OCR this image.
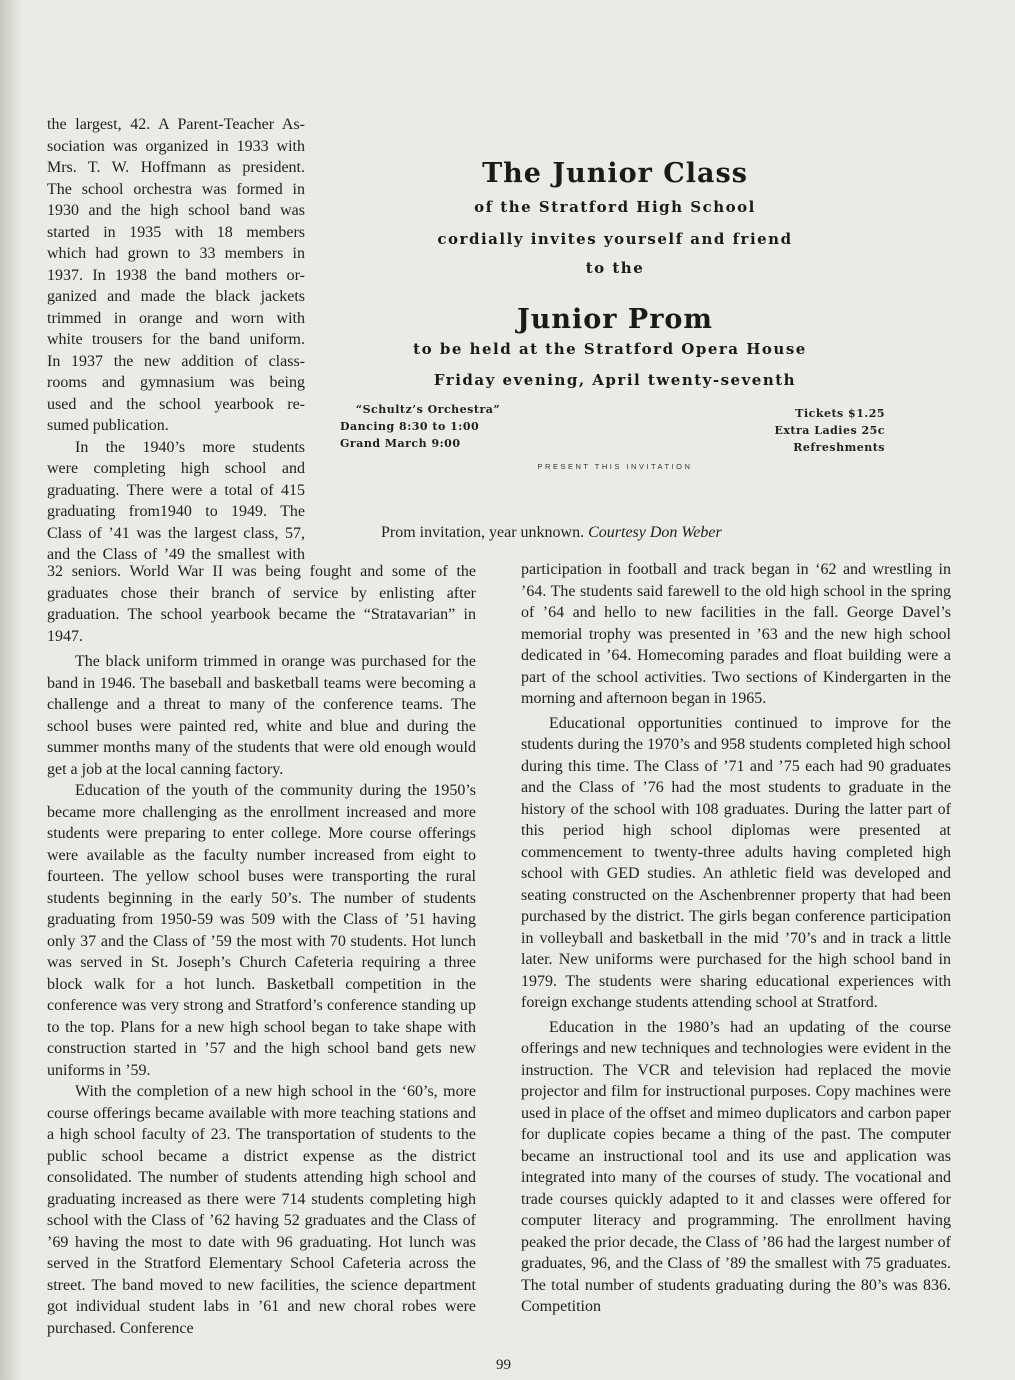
the largest, 42. A Parent-Teacher As-
sociation was organized in 1933 with
Mrs. T. W. Hoffmann as president.
The school orchestra was formed in
1930 and the high school band was
started in 1935 with 18 members
which had grown to 33 members in
1937. In 1938 the band mothers or-
ganized and made the black jackets
trimmed in orange and worn with
white trousers for the band uniform.
In 1937 the new addition of class-
rooms and gymnasium was being
used and the school yearbook re-
sumed publication.
In the 1940’s more students
were completing high school and
graduating. There were a total of 415
graduating from1940 to 1949. The
Class of ’41 was the largest class, 57,
and the Class of ’49 the smallest with
The Junior Class
of the Stratford High School
cordially invites yourself and friend
to the
Junior Prom
to be held at the Stratford Opera House
Friday evening, April twenty-seventh
“Schultz’s Orchestra”
Dancing 8:30 to 1:00
Grand March 9:00
Tickets $1.25
Extra Ladies 25c
Refreshments
PRESENT THIS INVITATION
Prom invitation, year unknown. Courtesy Don Weber

32 seniors. World War II was being fought and some of the graduates chose their branch of service by enlisting after graduation. The school yearbook became the “Stratavarian” in 1947.

The black uniform trimmed in orange was purchased for the band in 1946. The baseball and basketball teams were becoming a challenge and a threat to many of the conference teams. The school buses were painted red, white and blue and during the summer months many of the students that were old enough would get a job at the local canning factory.

Education of the youth of the community during the 1950’s became more challenging as the enrollment increased and more students were preparing to enter college. More course offerings were available as the faculty number increased from eight to fourteen. The yellow school buses were transporting the rural students beginning in the early 50’s. The number of students graduating from 1950-59 was 509 with the Class of ’51 having only 37 and the Class of ’59 the most with 70 students. Hot lunch was served in St. Joseph’s Church Cafeteria requiring a three block walk for a hot lunch. Basketball competition in the conference was very strong and Stratford’s conference standing up to the top. Plans for a new high school began to take shape with construction started in ’57 and the high school band gets new uniforms in ’59.

With the completion of a new high school in the ‘60’s, more course offerings became available with more teaching stations and a high school faculty of 23. The transportation of students to the public school became a district expense as the district consolidated. The number of students attending high school and graduating increased as there were 714 students completing high school with the Class of ’62 having 52 graduates and the Class of ’69 having the most to date with 96 graduating. Hot lunch was served in the Stratford Elementary School Cafeteria across the street. The band moved to new facilities, the science department got individual student labs in ’61 and new choral robes were purchased. Conference

participation in football and track began in ‘62 and wrestling in ’64. The students said farewell to the old high school in the spring of ’64 and hello to new facilities in the fall. George Davel’s memorial trophy was presented in ’63 and the new high school dedicated in ’64. Homecoming parades and float building were a part of the school activities. Two sections of Kindergarten in the morning and afternoon began in 1965.

Educational opportunities continued to improve for the students during the 1970’s and 958 students completed high school during this time. The Class of ’71 and ’75 each had 90 graduates and the Class of ’76 had the most students to graduate in the history of the school with 108 graduates. During the latter part of this period high school diplomas were presented at commencement to twenty-three adults having completed high school with GED studies. An athletic field was developed and seating constructed on the Aschenbrenner property that had been purchased by the district. The girls began conference participation in volleyball and basketball in the mid ’70’s and in track a little later. New uniforms were purchased for the high school band in 1979. The students were sharing educational experiences with foreign exchange students attending school at Stratford.

Education in the 1980’s had an updating of the course offerings and new techniques and technologies were evident in the instruction. The VCR and television had replaced the movie projector and film for instructional purposes. Copy machines were used in place of the offset and mimeo duplicators and carbon paper for duplicate copies became a thing of the past. The computer became an instructional tool and its use and application was integrated into many of the courses of study. The vocational and trade courses quickly adapted to it and classes were offered for computer literacy and programming. The enrollment having peaked the prior decade, the Class of ’86 had the largest number of graduates, 96, and the Class of ’89 the smallest with 75 graduates. The total number of students graduating during the 80’s was 836. Competition

99
